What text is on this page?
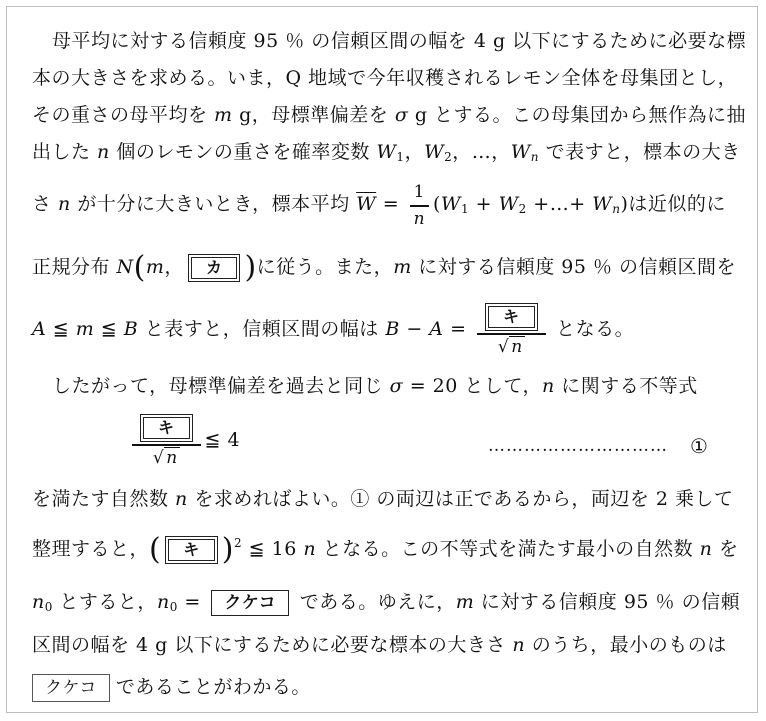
母平均に対する信頼度 95 ％ の信頼区間の幅を 4 g 以下にするために必要な標
本の大きさを求める。いま，Q 地域で今年収穫されるレモン全体を母集団とし，
その重さの母平均を m g，母標準偏差を σ g とする。この母集団から無作為に抽
出した n 個のレモンの重さを確率変数 $W_1$，$W_2$，…，$W_n$ で表すと，標本の大き
さ n が十分に大きいとき，標本平均 $\overline{W} = \frac{1}{n} (W_1 + W_2$ +…+ $W_n$)は近似的に
正規分布 N(m，	カ )に従う。また，m に対する信頼度 95 ％ の信頼区間を
A ≦ m ≦ B と表すと，信頼区間の幅は $B - A = \frac{\text{キ}}{√ n}$ となる。
したがって，母標準偏差を過去と同じ σ = 20 として，n に関する不等式
$\frac{\text{キ}}{√ n}$ ≦ 4	………………………… ①
を満たす自然数 n を求めればよい。① の両辺は正であるから，両辺を 2 乗して
整理すると，(	キ )$^2$ ≦ 16 n となる。この不等式を満たす最小の自然数 n を
$n_0$ とすると，$n_0$ = クケコ である。ゆえに，m に対する信頼度 95 ％ の信頼
区間の幅を 4 g 以下にするために必要な標本の大きさ n のうち，最小のものは
クケコ であることがわかる。
